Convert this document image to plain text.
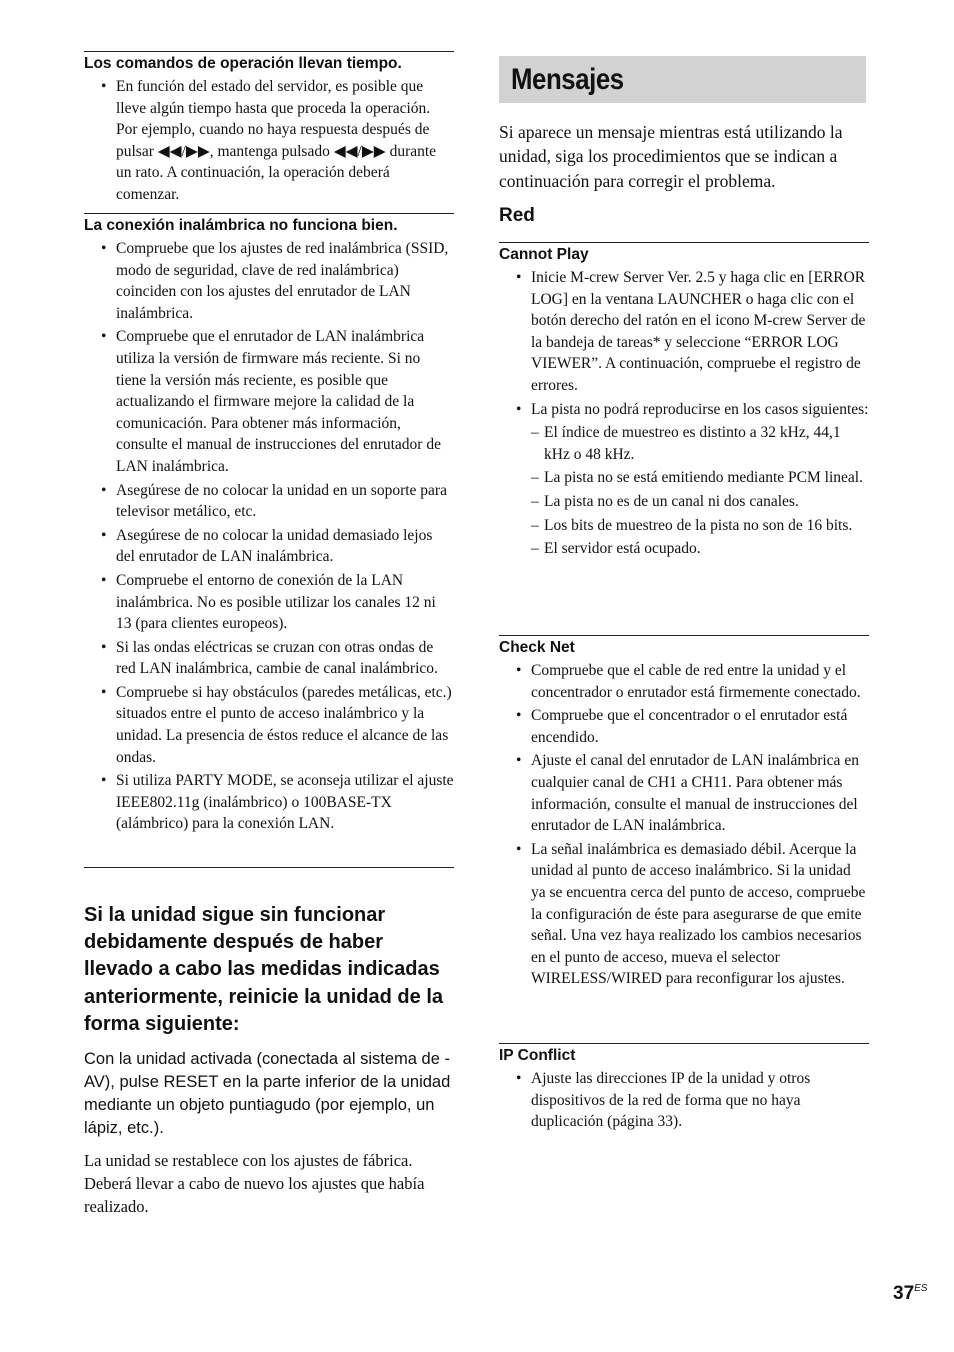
Los comandos de operación llevan tiempo.
• En función del estado del servidor, es posible que lleve algún tiempo hasta que proceda la operación. Por ejemplo, cuando no haya respuesta después de pulsar ◀◀/▶▶, mantenga pulsado ◀◀/▶▶ durante un rato. A continuación, la operación deberá comenzar.
La conexión inalámbrica no funciona bien.
• Compruebe que los ajustes de red inalámbrica (SSID, modo de seguridad, clave de red inalámbrica) coinciden con los ajustes del enrutador de LAN inalámbrica.
• Compruebe que el enrutador de LAN inalámbrica utiliza la versión de firmware más reciente. Si no tiene la versión más reciente, es posible que actualizando el firmware mejore la calidad de la comunicación. Para obtener más información, consulte el manual de instrucciones del enrutador de LAN inalámbrica.
• Asegúrese de no colocar la unidad en un soporte para televisor metálico, etc.
• Asegúrese de no colocar la unidad demasiado lejos del enrutador de LAN inalámbrica.
• Compruebe el entorno de conexión de la LAN inalámbrica. No es posible utilizar los canales 12 ni 13 (para clientes europeos).
• Si las ondas eléctricas se cruzan con otras ondas de red LAN inalámbrica, cambie de canal inalámbrico.
• Compruebe si hay obstáculos (paredes metálicas, etc.) situados entre el punto de acceso inalámbrico y la unidad. La presencia de éstos reduce el alcance de las ondas.
• Si utiliza PARTY MODE, se aconseja utilizar el ajuste IEEE802.11g (inalámbrico) o 100BASE-TX (alámbrico) para la conexión LAN.
Si la unidad sigue sin funcionar debidamente después de haber llevado a cabo las medidas indicadas anteriormente, reinicie la unidad de la forma siguiente:

Con la unidad activada (conectada al sistema de -AV), pulse RESET en la parte inferior de la unidad mediante un objeto puntiagudo (por ejemplo, un lápiz, etc.).

La unidad se restablece con los ajustes de fábrica. Deberá llevar a cabo de nuevo los ajustes que había realizado.

Mensajes

Si aparece un mensaje mientras está utilizando la unidad, siga los procedimientos que se indican a continuación para corregir el problema.

Red
Cannot Play
• Inicie M-crew Server Ver. 2.5 y haga clic en [ERROR LOG] en la ventana LAUNCHER o haga clic con el botón derecho del ratón en el icono M-crew Server de la bandeja de tareas* y seleccione “ERROR LOG VIEWER”. A continuación, compruebe el registro de errores.
• La pista no podrá reproducirse en los casos siguientes:
– El índice de muestreo es distinto a 32 kHz, 44,1 kHz o 48 kHz.
– La pista no se está emitiendo mediante PCM lineal.
– La pista no es de un canal ni dos canales.
– Los bits de muestreo de la pista no son de 16 bits.
– El servidor está ocupado.
Check Net
• Compruebe que el cable de red entre la unidad y el concentrador o enrutador está firmemente conectado.
• Compruebe que el concentrador o el enrutador está encendido.
• Ajuste el canal del enrutador de LAN inalámbrica en cualquier canal de CH1 a CH11. Para obtener más información, consulte el manual de instrucciones del enrutador de LAN inalámbrica.
• La señal inalámbrica es demasiado débil. Acerque la unidad al punto de acceso inalámbrico. Si la unidad ya se encuentra cerca del punto de acceso, compruebe la configuración de éste para asegurarse de que emite señal. Una vez haya realizado los cambios necesarios en el punto de acceso, mueva el selector WIRELESS/WIRED para reconfigurar los ajustes.
IP Conflict
• Ajuste las direcciones IP de la unidad y otros dispositivos de la red de forma que no haya duplicación (página 33).
$37^{ES}$
